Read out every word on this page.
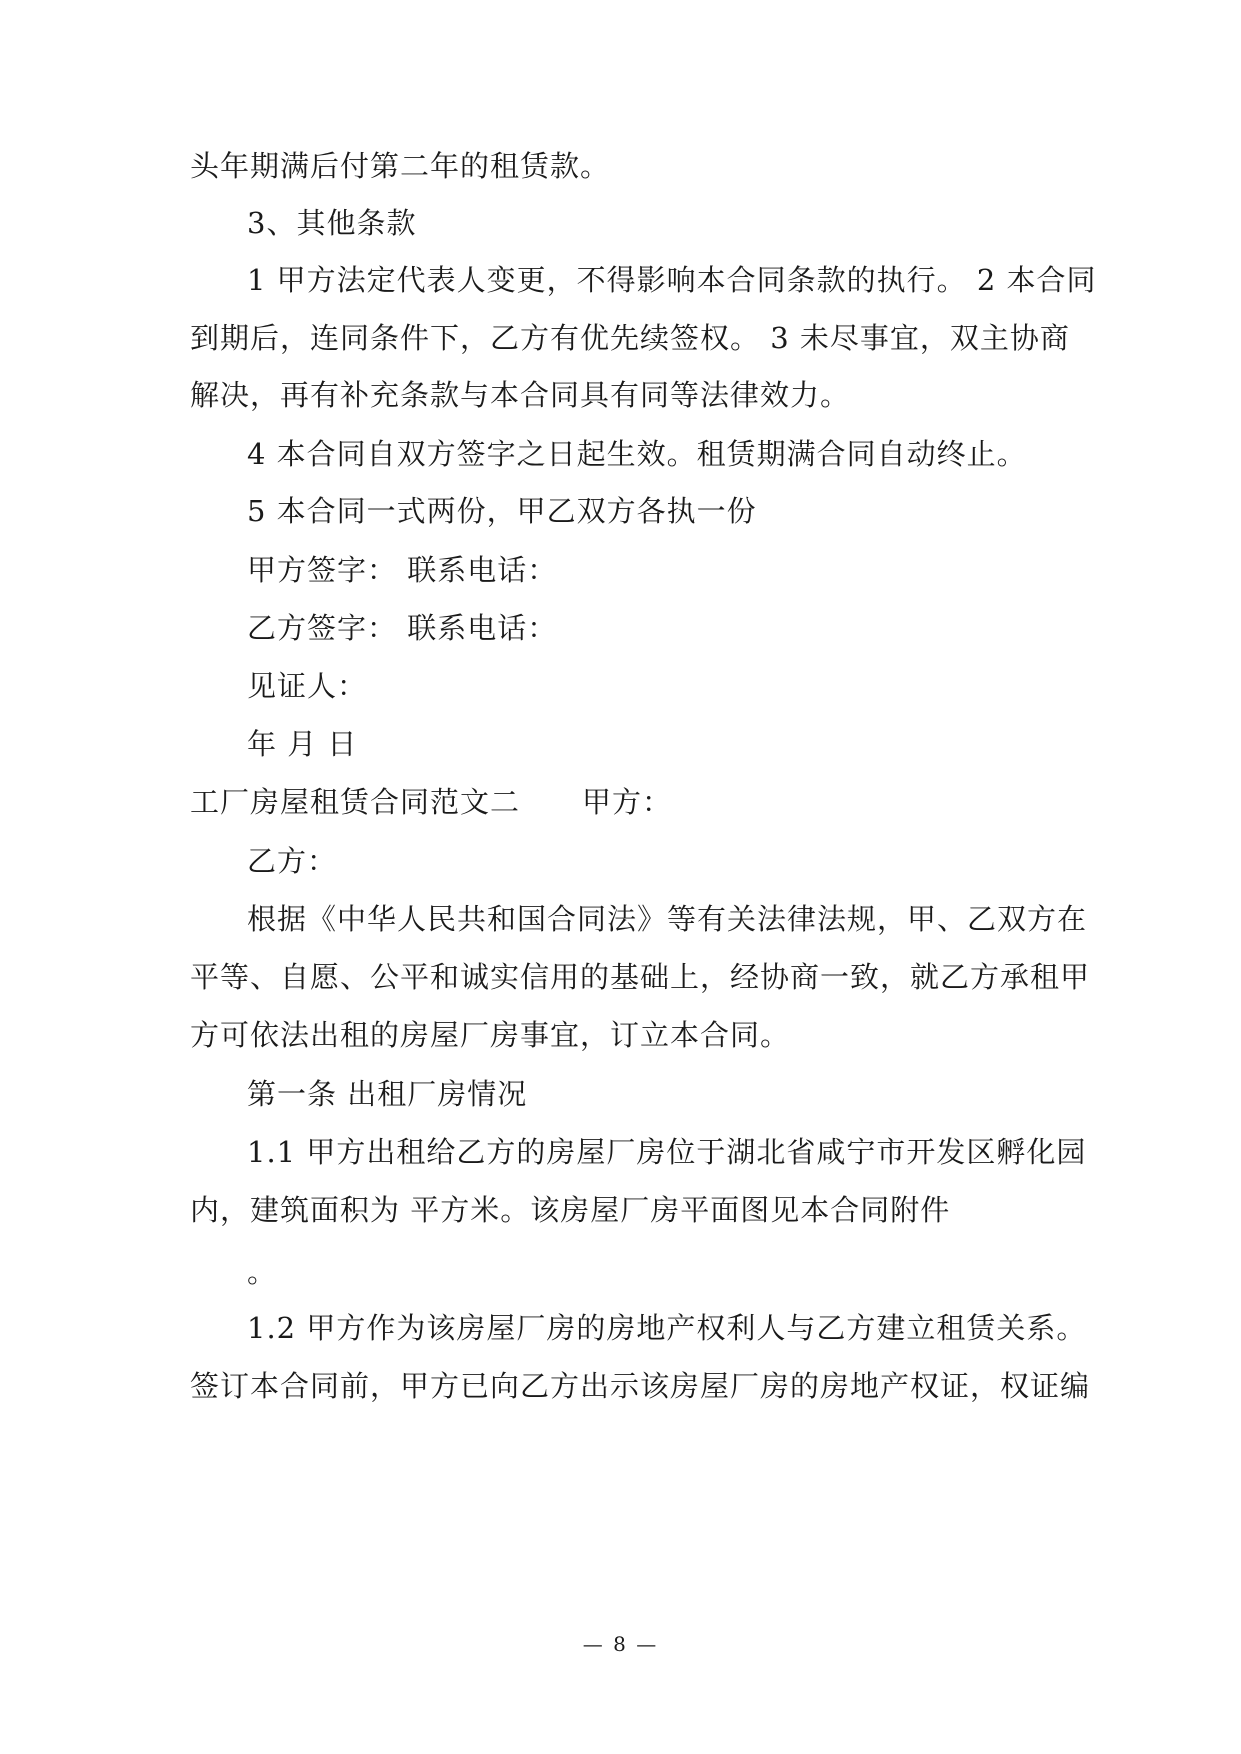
头年期满后付第二年的租赁款。
3、其他条款
1 甲方法定代表人变更，不得影响本合同条款的执行。 2 本合同
到期后，连同条件下，乙方有优先续签权。 3 未尽事宜，双主协商
解决，再有补充条款与本合同具有同等法律效力。
4 本合同自双方签字之日起生效。租赁期满合同自动终止。
5 本合同一式两份，甲乙双方各执一份
甲方签字： 联系电话：
乙方签字： 联系电话：
见证人：
年 月 日
工厂房屋租赁合同范文二 甲方：
乙方：
根据《中华人民共和国合同法》等有关法律法规，甲、乙双方在
平等、自愿、公平和诚实信用的基础上，经协商一致，就乙方承租甲
方可依法出租的房屋厂房事宜，订立本合同。
第一条 出租厂房情况
1.1 甲方出租给乙方的房屋厂房位于湖北省咸宁市开发区孵化园
内，建筑面积为 平方米。该房屋厂房平面图见本合同附件
。
1.2 甲方作为该房屋厂房的房地产权利人与乙方建立租赁关系。
签订本合同前，甲方已向乙方出示该房屋厂房的房地产权证，权证编
— 8 —
